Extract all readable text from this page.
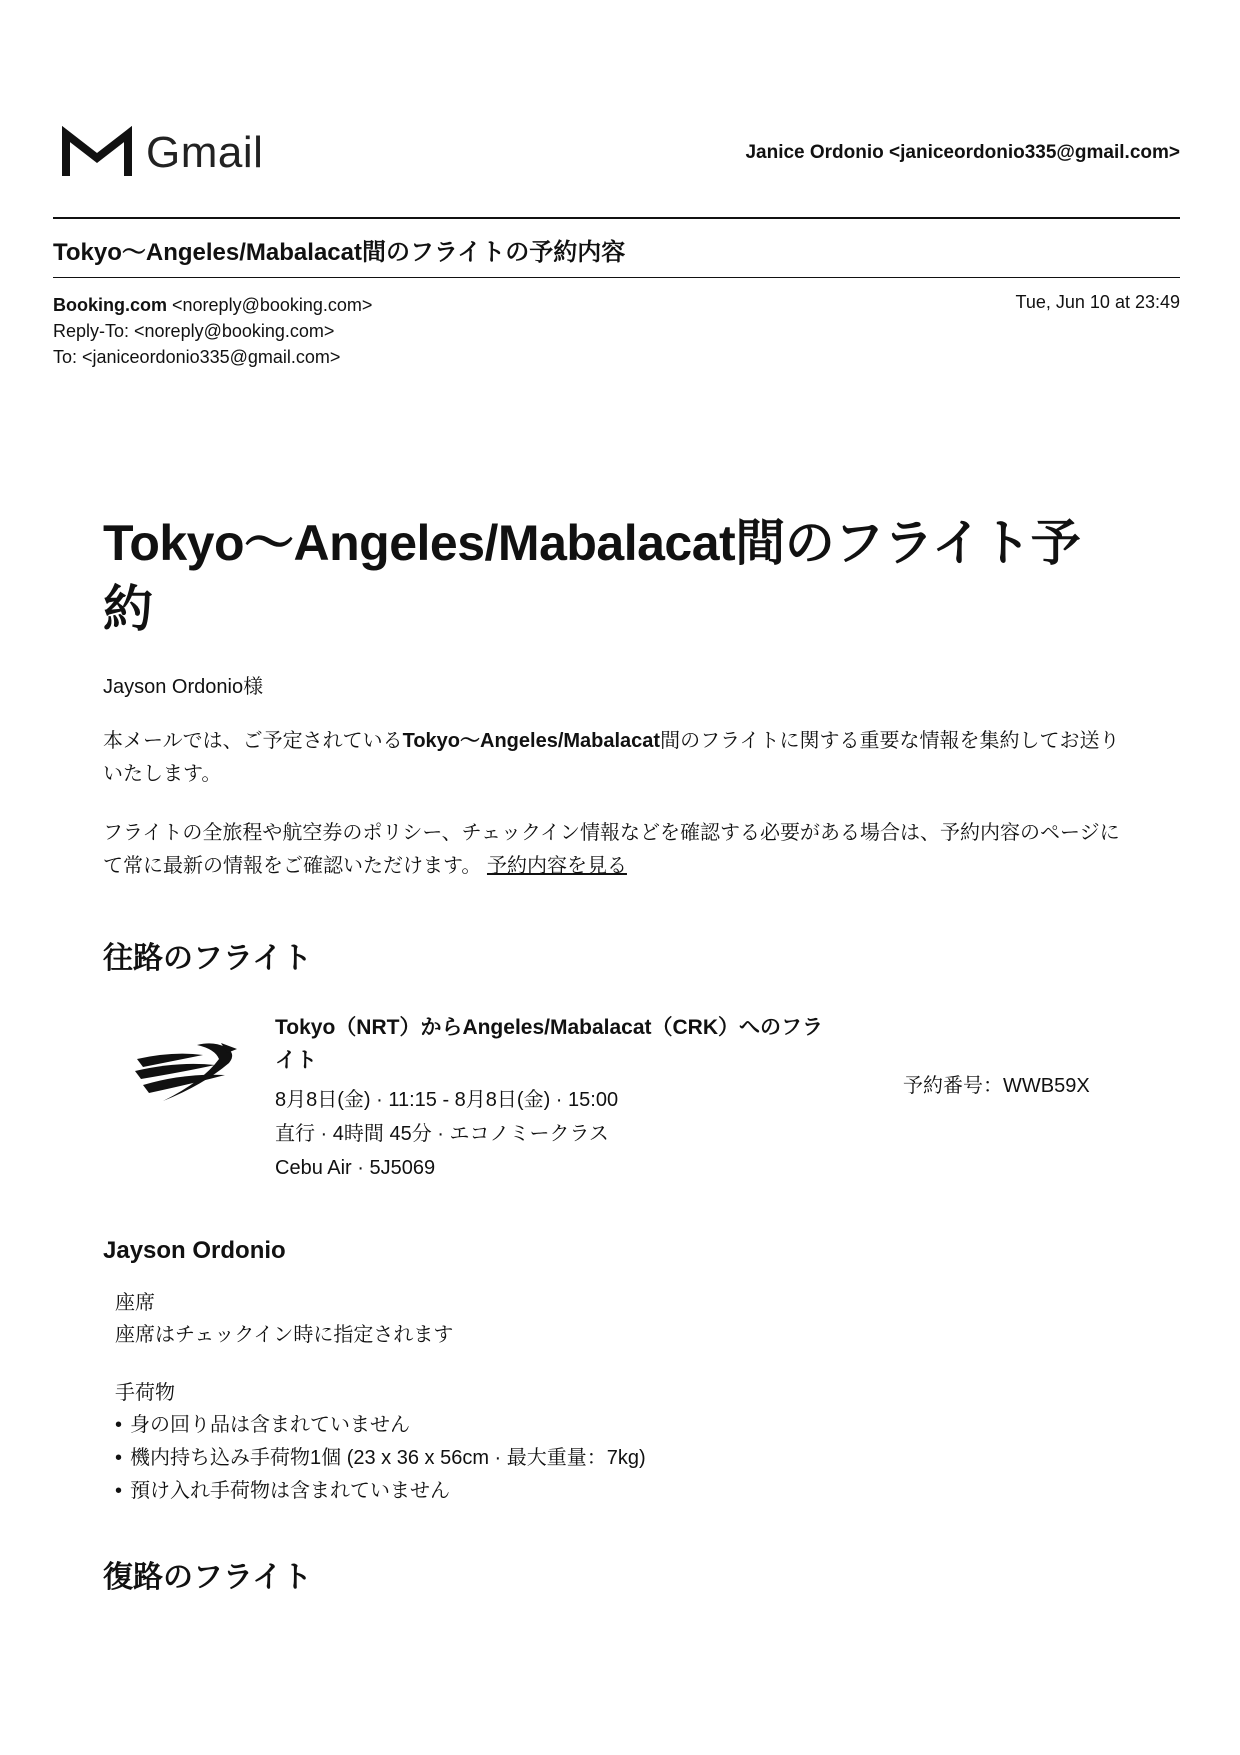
Gmail	Janice Ordonio <janiceordonio335@gmail.com>
Tokyo〜Angeles/Mabalacat間のフライトの予約内容
Booking.com <noreply@booking.com>
Reply-To: <noreply@booking.com>
To: <janiceordonio335@gmail.com>
Tue, Jun 10 at 23:49
Tokyo〜Angeles/Mabalacat間のフライト予約
Jayson Ordonio様
本メールでは、ご予定されているTokyo〜Angeles/Mabalacat間のフライトに関する重要な情報を集約してお送りいたします。
フライトの全旅程や航空券のポリシー、チェックイン情報などを確認する必要がある場合は、予約内容のページにて常に最新の情報をご確認いただけます。 予約内容を見る
往路のフライト
Tokyo（NRT）からAngeles/Mabalacat（CRK）へのフライト
8月8日(金) · 11:15 - 8月8日(金) · 15:00
直行 · 4時間 45分 · エコノミークラス
Cebu Air · 5J5069
予約番号：WWB59X
Jayson Ordonio
座席
座席はチェックイン時に指定されます
手荷物
• 身の回り品は含まれていません
• 機内持ち込み手荷物1個 (23 x 36 x 56cm · 最大重量：7kg)
• 預け入れ手荷物は含まれていません
復路のフライト
